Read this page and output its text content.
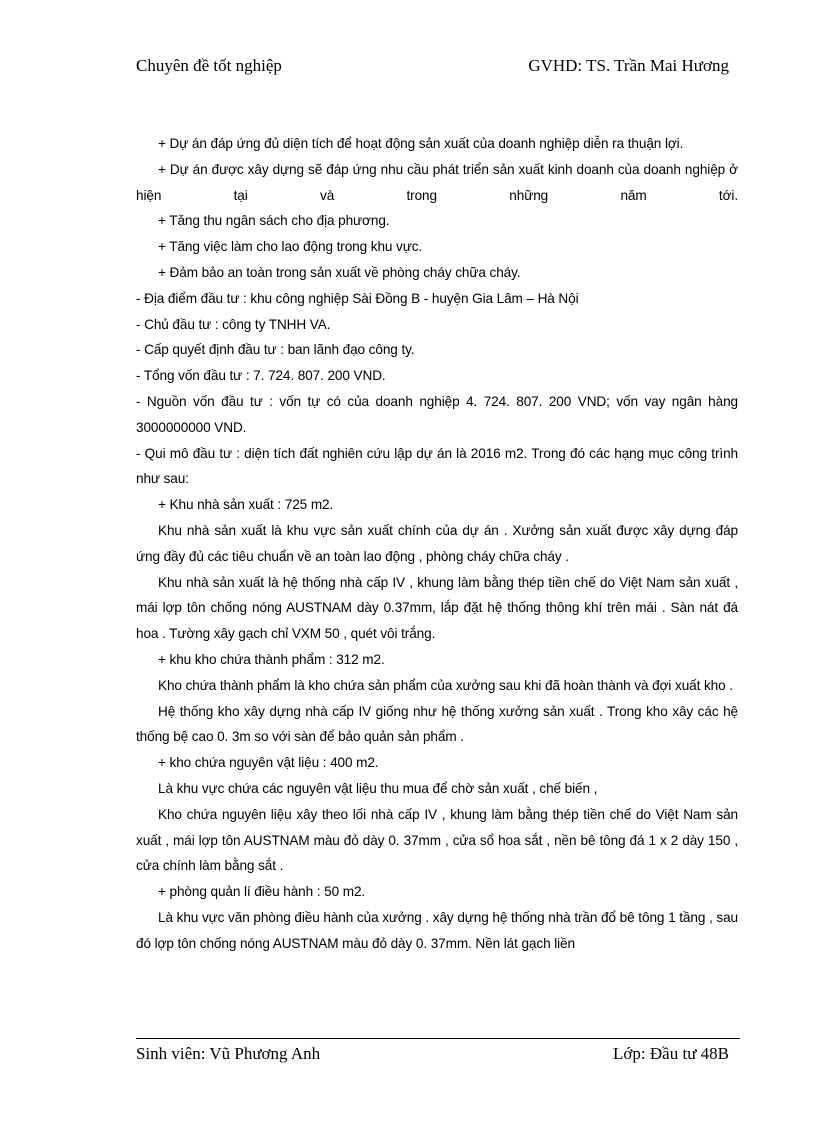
Chuyên đề tốt nghiệp	GVHD: TS. Trần Mai Hương

+ Dự án đáp ứng đủ diện tích để hoạt động sản xuất của doanh nghiệp diễn ra thuận lợi.

+ Dự án được xây dựng sẽ đáp ứng nhu cầu phát triển sản xuất kinh doanh của doanh nghiệp ở hiện tại và trong những năm tới.

+ Tăng thu ngân sách cho địa phương.

+ Tăng việc làm cho lao động trong khu vực.

+ Đảm bảo an toàn trong sản xuất về phòng cháy chữa cháy.

- Địa điểm đầu tư : khu công nghiệp Sài Đồng B - huyện Gia Lâm – Hà Nội

- Chủ đầu tư : công ty TNHH VA.

- Cấp quyết định đầu tư : ban lãnh đạo công ty.

- Tổng vốn đầu tư : 7. 724. 807. 200 VND.

- Nguồn vốn đầu tư : vốn tự có của doanh nghiệp 4. 724. 807. 200 VND; vốn vay ngân hàng 3000000000 VND.

- Qui mô đầu tư : diện tích đất nghiên cứu lập dự án là 2016 m2. Trong đó các hạng mục công trình như sau:

+ Khu nhà sản xuất : 725 m2.

Khu nhà sản xuất là khu vực sản xuất chính của dự án . Xưởng sản xuất được xây dựng đáp ứng đầy đủ các tiêu chuẩn về an toàn lao động , phòng cháy chữa cháy .

Khu nhà sản xuất là hệ thống nhà cấp IV , khung làm bằng thép tiền chế do Việt Nam sản xuất , mái lợp tôn chống nóng AUSTNAM dày 0.37mm, lắp đặt hệ thống thông khí trên mái . Sàn nát đá hoa . Tường xây gạch chỉ VXM 50 , quét vôi trắng.

+ khu kho chứa thành phẩm : 312 m2.

Kho chứa thành phẩm là kho chứa sản phẩm của xưởng sau khi đã hoàn thành và đợi xuất kho .

Hệ thống kho xây dựng nhà cấp IV giống như hệ thống xưởng sản xuất . Trong kho xây các hệ thống bệ cao 0. 3m so với sàn để bảo quản sản phẩm .

+ kho chứa nguyên vật liệu : 400 m2.

Là khu vực chứa các nguyên vật liệu thu mua để chờ sản xuất , chế biến ,

Kho chứa nguyên liệu xây theo lối nhà cấp IV , khung làm bằng thép tiền chế do Việt Nam sản xuất , mái lợp tôn AUSTNAM màu đỏ dày 0. 37mm , cửa sổ hoa sắt , nền bê tông đá 1 x 2 dày 150 , cửa chính làm bằng sắt .

+ phòng quản lí điều hành : 50 m2.

Là khu vực văn phòng điều hành của xưởng . xây dựng hệ thống nhà trần đổ bê tông 1 tầng , sau đó lợp tôn chống nóng AUSTNAM màu đỏ dày 0. 37mm. Nền lát gạch liền

Sinh viên: Vũ Phương Anh	Lớp: Đầu tư 48B
